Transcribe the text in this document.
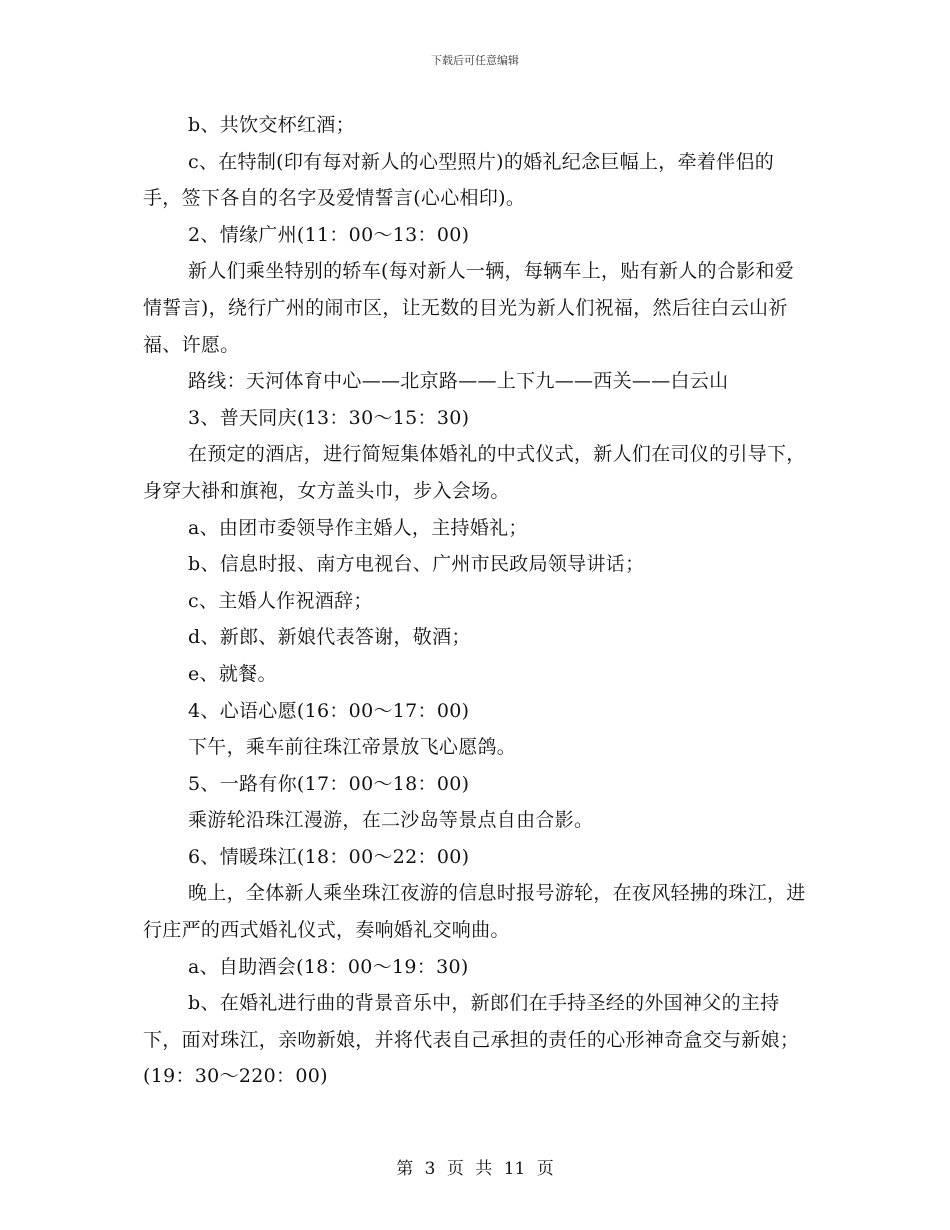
下载后可任意编辑

b、共饮交杯红酒；

c、在特制(印有每对新人的心型照片)的婚礼纪念巨幅上，牵着伴侣的手，签下各自的名字及爱情誓言(心心相印)。

2、情缘广州(11：00～13：00)

新人们乘坐特别的轿车(每对新人一辆，每辆车上，贴有新人的合影和爱情誓言)，绕行广州的闹市区，让无数的目光为新人们祝福，然后往白云山祈福、许愿。

路线：天河体育中心——北京路——上下九——西关——白云山

3、普天同庆(13：30～15：30)

在预定的酒店，进行简短集体婚礼的中式仪式，新人们在司仪的引导下，身穿大褂和旗袍，女方盖头巾，步入会场。

a、由团市委领导作主婚人，主持婚礼；

b、信息时报、南方电视台、广州市民政局领导讲话；

c、主婚人作祝酒辞；

d、新郎、新娘代表答谢，敬酒；

e、就餐。

4、心语心愿(16：00～17：00)

下午，乘车前往珠江帝景放飞心愿鸽。

5、一路有你(17：00～18：00)

乘游轮沿珠江漫游，在二沙岛等景点自由合影。

6、情暖珠江(18：00～22：00)

晚上，全体新人乘坐珠江夜游的信息时报号游轮，在夜风轻拂的珠江，进行庄严的西式婚礼仪式，奏响婚礼交响曲。

a、自助酒会(18：00～19：30)

b、在婚礼进行曲的背景音乐中，新郎们在手持圣经的外国神父的主持下，面对珠江，亲吻新娘，并将代表自己承担的责任的心形神奇盒交与新娘；(19：30～220：00)

第 3 页 共 11 页
